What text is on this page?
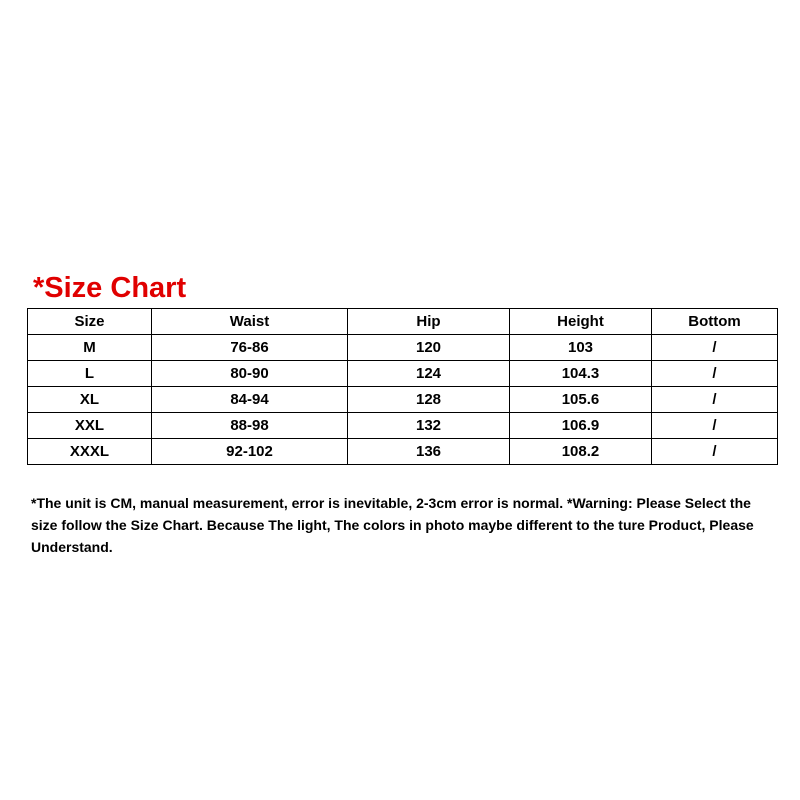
*Size Chart
Size	Waist	Hip	Height	Bottom
M	76-86	120	103	/
L	80-90	124	104.3	/
XL	84-94	128	105.6	/
XXL	88-98	132	106.9	/
XXXL	92-102	136	108.2	/

*The unit is CM, manual measurement, error is inevitable, 2-3cm error is normal. *Warning: Please Select the size follow the Size Chart. Because The light, The colors in photo maybe different to the ture Product, Please Understand.
